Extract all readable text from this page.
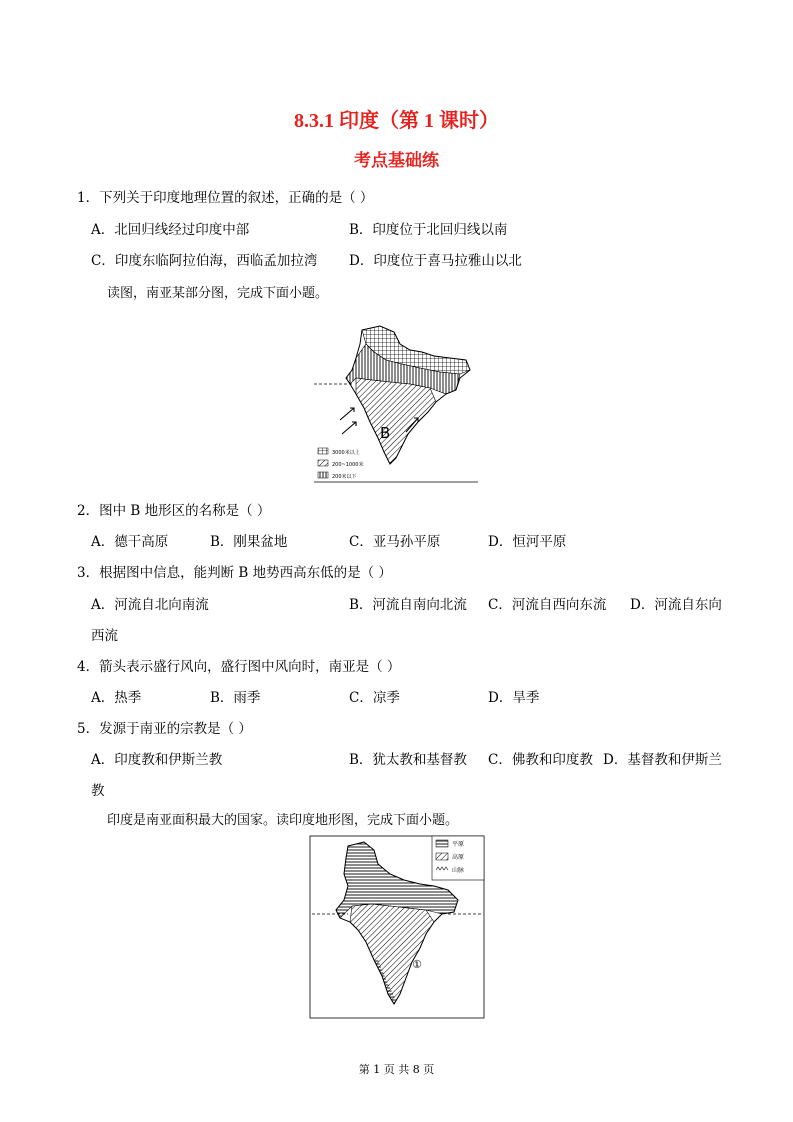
8.3.1 印度（第 1 课时）
考点基础练
1．下列关于印度地理位置的叙述，正确的是（ ）
A．北回归线经过印度中部	B．印度位于北回归线以南
C．印度东临阿拉伯海，西临孟加拉湾 D．印度位于喜马拉雅山以北
读图，南亚某部分图，完成下面小题。
B
3000米以上
200~1000米
200米以下
2．图中 B 地形区的名称是（ ）
A．德干高原	B．刚果盆地	C．亚马孙平原	D．恒河平原
3．根据图中信息，能判断 B 地势西高东低的是（ ）
A．河流自北向南流	B．河流自南向北流 C．河流自西向东流 D．河流自东向
西流
4．箭头表示盛行风向，盛行图中风向时，南亚是（ ）
A．热季	B．雨季	C．凉季	D．旱季
5．发源于南亚的宗教是（ ）
A．印度教和伊斯兰教	B．犹太教和基督教 C．佛教和印度教 D．基督教和伊斯兰
教
印度是南亚面积最大的国家。读印度地形图，完成下面小题。
①
平原
高原
山脉
第 1 页 共 8 页
